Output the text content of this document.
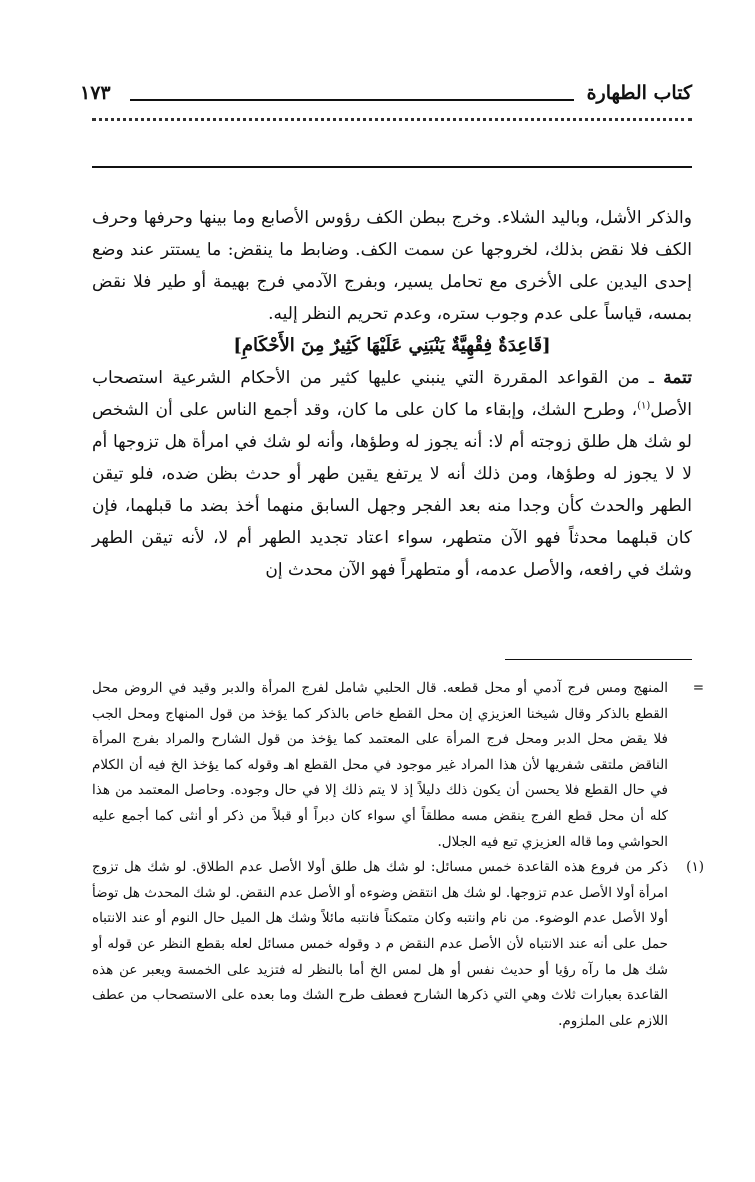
كتاب الطهارة
١٧٣

والذكر الأشل، وباليد الشلاء. وخرج ببطن الكف رؤوس الأصابع وما بينها وحرفها وحرف الكف فلا نقض بذلك، لخروجها عن سمت الكف. وضابط ما ينقض: ما يستتر عند وضع إحدى اليدين على الأخرى مع تحامل يسير، وبفرج الآدمي فرج بهيمة أو طير فلا نقض بمسه، قياساً على عدم وجوب ستره، وعدم تحريم النظر إليه.

[قَاعِدَةٌ فِقْهِيَّةٌ يَنْبَنِي عَلَيْهَا كَثِيرٌ مِنَ الأَحْكَامِ]

تتمة ـ من القواعد المقررة التي ينبني عليها كثير من الأحكام الشرعية استصحاب الأصل$^{(١)}$، وطرح الشك، وإبقاء ما كان على ما كان، وقد أجمع الناس على أن الشخص لو شك هل طلق زوجته أم لا: أنه يجوز له وطؤها، وأنه لو شك في امرأة هل تزوجها أم لا لا يجوز له وطؤها، ومن ذلك أنه لا يرتفع يقين طهر أو حدث بظن ضده، فلو تيقن الطهر والحدث كأن وجدا منه بعد الفجر وجهل السابق منهما أخذ بضد ما قبلهما، فإن كان قبلهما محدثاً فهو الآن متطهر، سواء اعتاد تجديد الطهر أم لا، لأنه تيقن الطهر وشك في رافعه، والأصل عدمه، أو متطهراً فهو الآن محدث إن

=
المنهج ومس فرج آدمي أو محل قطعه. قال الحلبي شامل لفرج المرأة والدبر وقيد في الروض محل القطع بالذكر وقال شيخنا العزيزي إن محل القطع خاص بالذكر كما يؤخذ من قول المنهاج ومحل الجب فلا يقض محل الدبر ومحل فرج المرأة على المعتمد كما يؤخذ من قول الشارح والمراد بفرج المرأة الناقض ملتقى شفريها لأن هذا المراد غير موجود في محل القطع اهـ وقوله كما يؤخذ الخ فيه أن الكلام في حال القطع فلا يحسن أن يكون ذلك دليلاً إذ لا يتم ذلك إلا في حال وجوده. وحاصل المعتمد من هذا كله أن محل قطع الفرج ينقض مسه مطلقاً أي سواء كان دبراً أو قبلاً من ذكر أو أنثى كما أجمع عليه الحواشي وما قاله العزيزي تبع فيه الجلال.

(١)
ذكر من فروع هذه القاعدة خمس مسائل: لو شك هل طلق أولا الأصل عدم الطلاق. لو شك هل تزوج امرأة أولا الأصل عدم تزوجها. لو شك هل انتقض وضوءه أو الأصل عدم النقض. لو شك المحدث هل توضأ أولا الأصل عدم الوضوء. من نام وانتبه وكان متمكناً فانتبه مائلاً وشك هل الميل حال النوم أو عند الانتباه حمل على أنه عند الانتباه لأن الأصل عدم النقض م د وقوله خمس مسائل لعله بقطع النظر عن قوله أو شك هل ما رآه رؤيا أو حديث نفس أو هل لمس الخ أما بالنظر له فتزيد على الخمسة ويعبر عن هذه القاعدة بعبارات ثلاث وهي التي ذكرها الشارح فعطف طرح الشك وما بعده على الاستصحاب من عطف اللازم على الملزوم.
